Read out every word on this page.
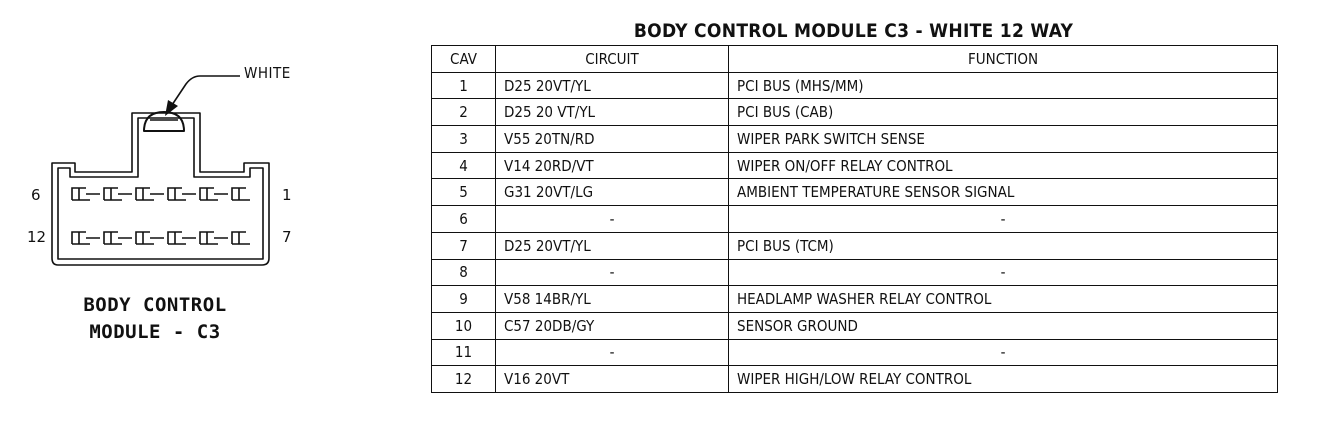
WHITE
6
12
1
7
BODY CONTROL
MODULE - C3
BODY CONTROL MODULE C3 - WHITE 12 WAY
CAV	CIRCUIT	FUNCTION
1	D25 20VT/YL	PCI BUS (MHS/MM)
2	D25 20 VT/YL	PCI BUS (CAB)
3	V55 20TN/RD	WIPER PARK SWITCH SENSE
4	V14 20RD/VT	WIPER ON/OFF RELAY CONTROL
5	G31 20VT/LG	AMBIENT TEMPERATURE SENSOR SIGNAL
6	-	-
7	D25 20VT/YL	PCI BUS (TCM)
8	-	-
9	V58 14BR/YL	HEADLAMP WASHER RELAY CONTROL
10	C57 20DB/GY	SENSOR GROUND
11	-	-
12	V16 20VT	WIPER HIGH/LOW RELAY CONTROL
